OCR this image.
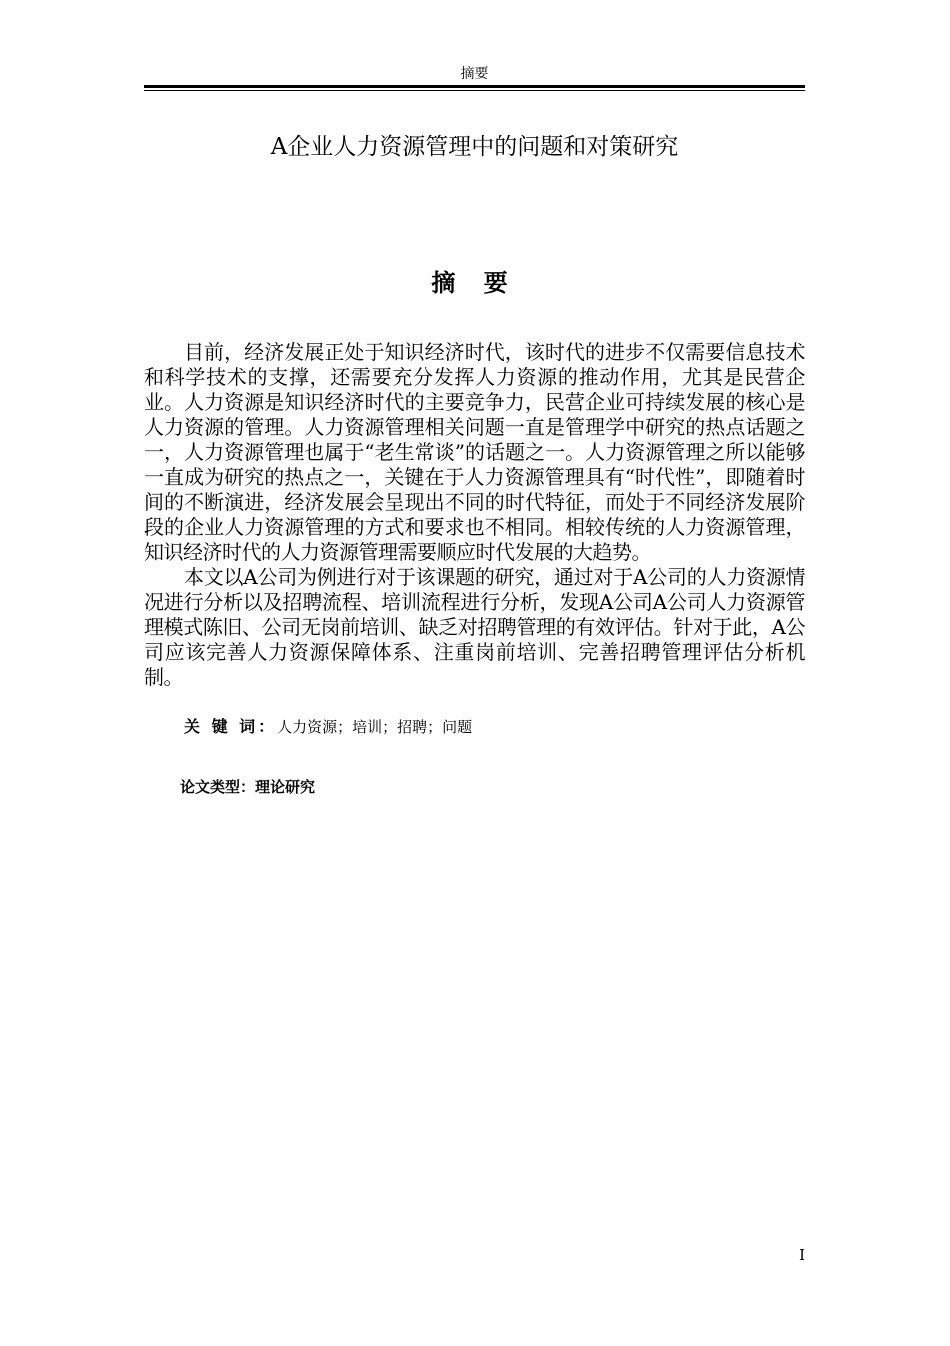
摘要
A企业人力资源管理中的问题和对策研究
摘 要

目前，经济发展正处于知识经济时代，该时代的进步不仅需要信息技术和科学技术的支撑，还需要充分发挥人力资源的推动作用，尤其是民营企业。人力资源是知识经济时代的主要竞争力，民营企业可持续发展的核心是人力资源的管理。人力资源管理相关问题一直是管理学中研究的热点话题之一，人力资源管理也属于“老生常谈”的话题之一。人力资源管理之所以能够一直成为研究的热点之一，关键在于人力资源管理具有“时代性”，即随着时间的不断演进，经济发展会呈现出不同的时代特征，而处于不同经济发展阶段的企业人力资源管理的方式和要求也不相同。相较传统的人力资源管理，知识经济时代的人力资源管理需要顺应时代发展的大趋势。

本文以A公司为例进行对于该课题的研究，通过对于A公司的人力资源情况进行分析以及招聘流程、培训流程进行分析，发现A公司A公司人力资源管理模式陈旧、公司无岗前培训、缺乏对招聘管理的有效评估。针对于此，A公司应该完善人力资源保障体系、注重岗前培训、完善招聘管理评估分析机制。

关 键 词：人力资源；培训；招聘；问题
论文类型：理论研究
I
